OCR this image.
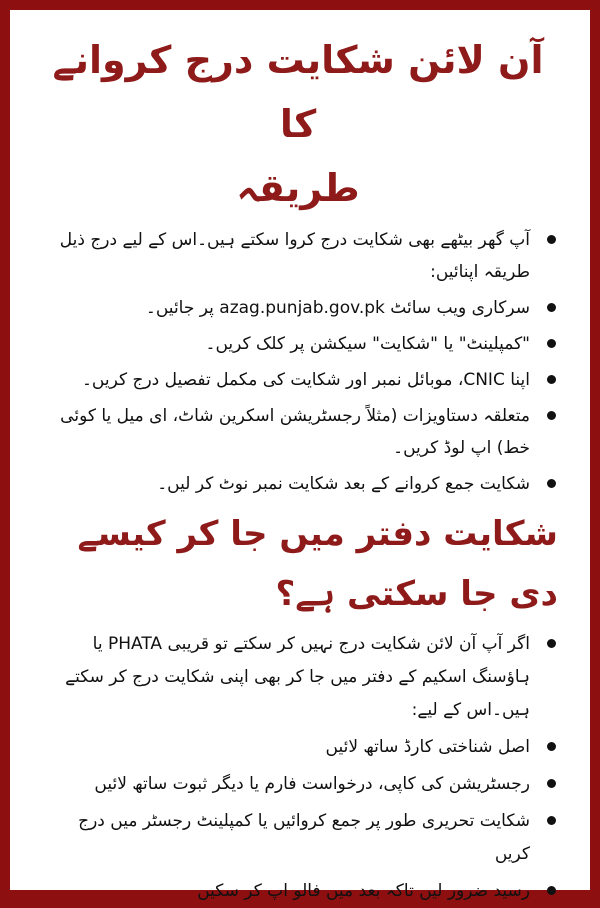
آن لائن شکایت درج کروانے کا
طریقہ
آپ گھر بیٹھے بھی شکایت درج کروا سکتے ہیں۔اس کے لیے درج ذیل طریقہ اپنائیں:
سرکاری ویب سائٹ azag.punjab.gov.pk پر جائیں۔
"کمپلینٹ" یا "شکایت" سیکشن پر کلک کریں۔
اپنا CNIC، موبائل نمبر اور شکایت کی مکمل تفصیل درج کریں۔
متعلقہ دستاویزات (مثلاً رجسٹریشن اسکرین شاٹ، ای میل یا کوئی خط) اپ لوڈ کریں۔
شکایت جمع کروانے کے بعد شکایت نمبر نوٹ کر لیں۔
شکایت دفتر میں جا کر کیسے دی جا سکتی ہے؟
اگر آپ آن لائن شکایت درج نہیں کر سکتے تو قریبی PHATA یا ہاؤسنگ اسکیم کے دفتر میں جا کر بھی اپنی شکایت درج کر سکتے ہیں۔اس کے لیے:
اصل شناختی کارڈ ساتھ لائیں
رجسٹریشن کی کاپی، درخواست فارم یا دیگر ثبوت ساتھ لائیں
شکایت تحریری طور پر جمع کروائیں یا کمپلینٹ رجسٹر میں درج کریں
رسید ضرور لیں تاکہ بعد میں فالو اپ کر سکیں
